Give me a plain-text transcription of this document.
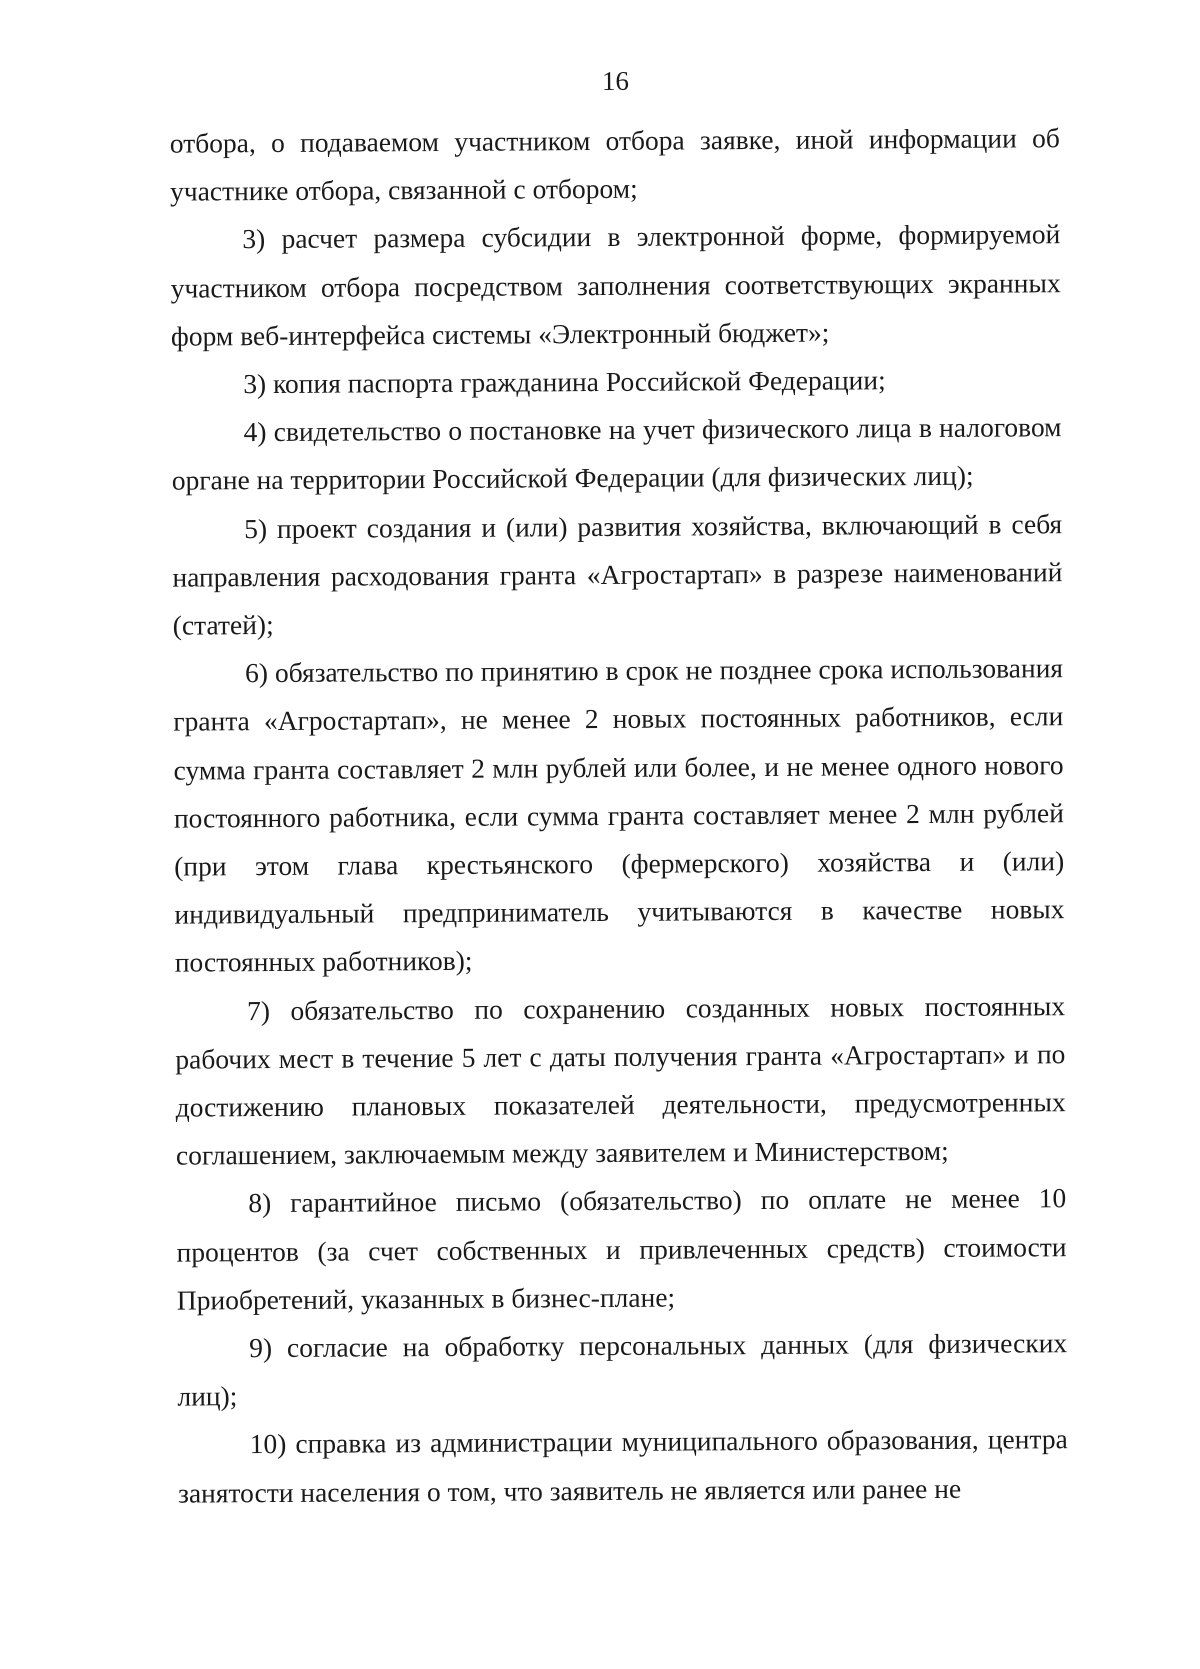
16

отбора, о подаваемом участником отбора заявке, иной информации об участнике отбора, связанной с отбором;

3) расчет размера субсидии в электронной форме, формируемой участником отбора посредством заполнения соответствующих экранных форм веб-интерфейса системы «Электронный бюджет»;

3) копия паспорта гражданина Российской Федерации;

4) свидетельство о постановке на учет физического лица в налоговом органе на территории Российской Федерации (для физических лиц);

5) проект создания и (или) развития хозяйства, включающий в себя направления расходования гранта «Агростартап» в разрезе наименований (статей);

6) обязательство по принятию в срок не позднее срока использования гранта «Агростартап», не менее 2 новых постоянных работников, если сумма гранта составляет 2 млн рублей или более, и не менее одного нового постоянного работника, если сумма гранта составляет менее 2 млн рублей (при этом глава крестьянского (фермерского) хозяйства и (или) индивидуальный предприниматель учитываются в качестве новых постоянных работников);

7) обязательство по сохранению созданных новых постоянных рабочих мест в течение 5 лет с даты получения гранта «Агростартап» и по достижению плановых показателей деятельности, предусмотренных соглашением, заключаемым между заявителем и Министерством;

8) гарантийное письмо (обязательство) по оплате не менее 10 процентов (за счет собственных и привлеченных средств) стоимости Приобретений, указанных в бизнес-плане;

9) согласие на обработку персональных данных (для физических лиц);

10) справка из администрации муниципального образования, центра занятости населения о том, что заявитель не является или ранее не
